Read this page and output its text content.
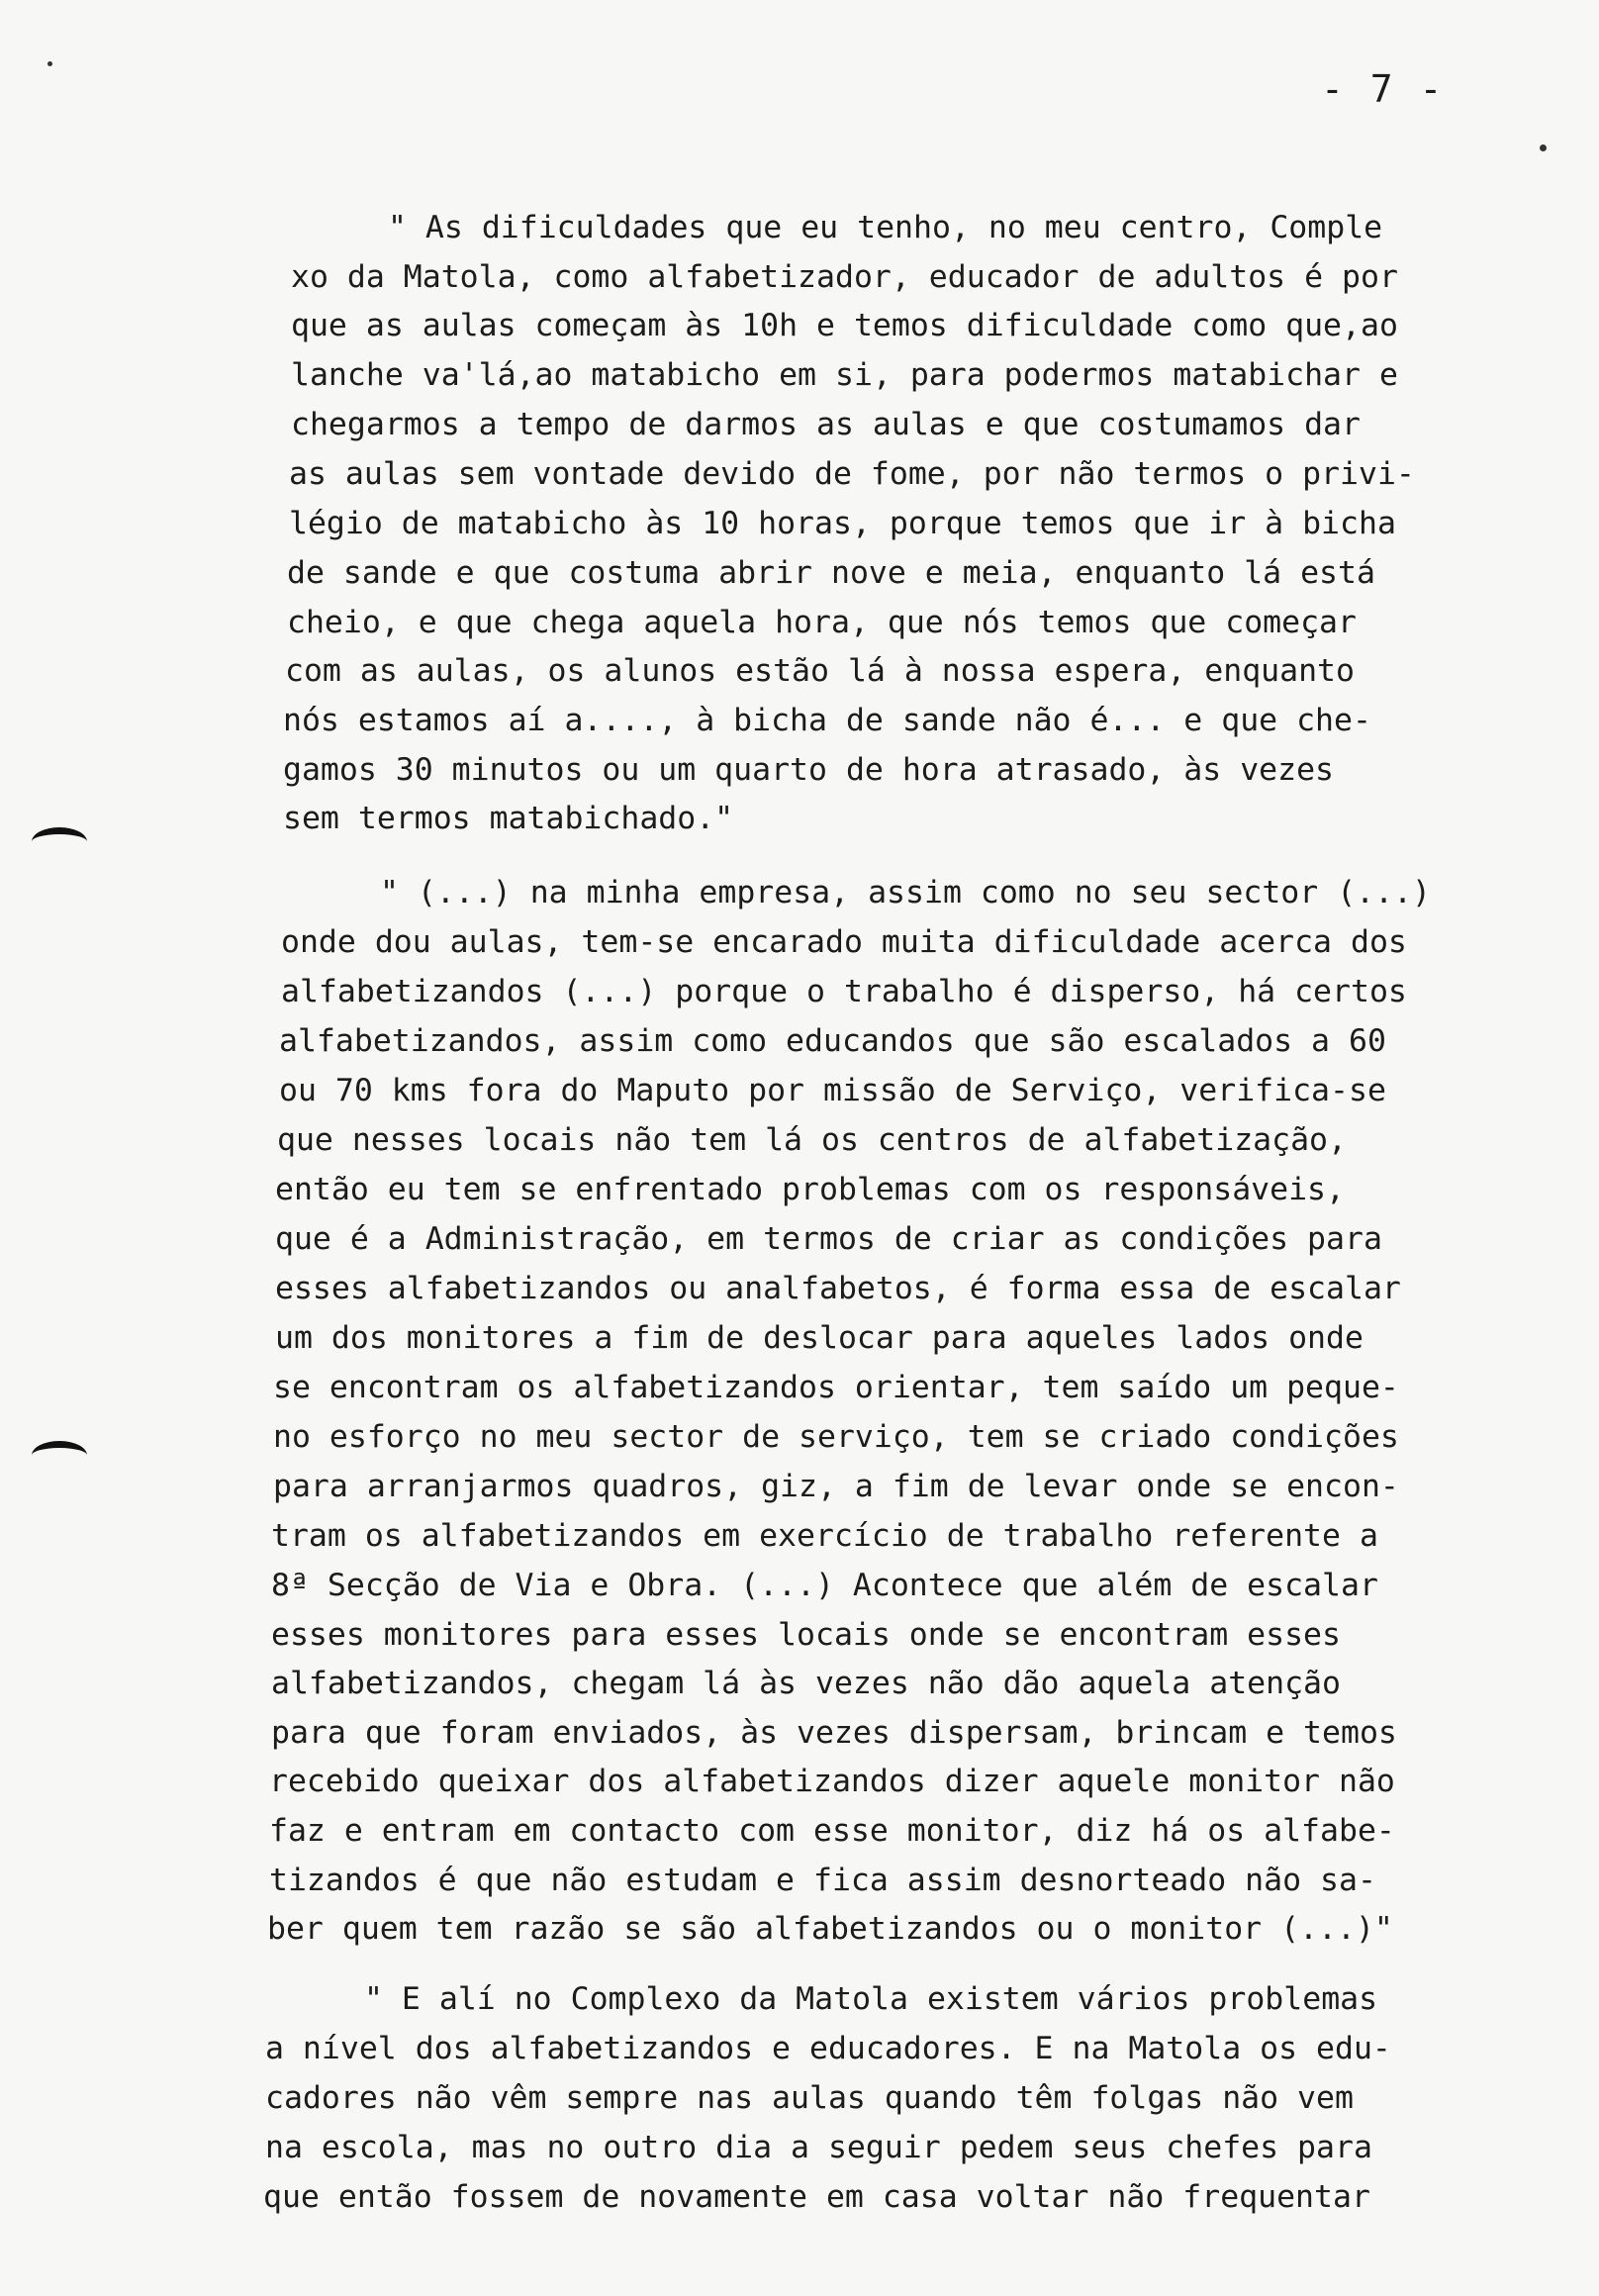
- 7 -
" As dificuldades que eu tenho, no meu centro, Comple
xo da Matola, como alfabetizador, educador de adultos é por
que as aulas começam às 10h e temos dificuldade como que,ao
lanche va'lá,ao matabicho em si, para podermos matabichar e
chegarmos a tempo de darmos as aulas e que costumamos dar
as aulas sem vontade devido de fome, por não termos o privi-
légio de matabicho às 10 horas, porque temos que ir à bicha
de sande e que costuma abrir nove e meia, enquanto lá está
cheio, e que chega aquela hora, que nós temos que começar
com as aulas, os alunos estão lá à nossa espera, enquanto
nós estamos aí a...., à bicha de sande não é... e que che-
gamos 30 minutos ou um quarto de hora atrasado, às vezes
sem termos matabichado."
" (...) na minha empresa, assim como no seu sector (...)
onde dou aulas, tem-se encarado muita dificuldade acerca dos
alfabetizandos (...) porque o trabalho é disperso, há certos
alfabetizandos, assim como educandos que são escalados a 60
ou 70 kms fora do Maputo por missão de Serviço, verifica-se
que nesses locais não tem lá os centros de alfabetização,
então eu tem se enfrentado problemas com os responsáveis,
que é a Administração, em termos de criar as condições para
esses alfabetizandos ou analfabetos, é forma essa de escalar
um dos monitores a fim de deslocar para aqueles lados onde
se encontram os alfabetizandos orientar, tem saído um peque-
no esforço no meu sector de serviço, tem se criado condições
para arranjarmos quadros, giz, a fim de levar onde se encon-
tram os alfabetizandos em exercício de trabalho referente a
8ª Secção de Via e Obra. (...) Acontece que além de escalar
esses monitores para esses locais onde se encontram esses
alfabetizandos, chegam lá às vezes não dão aquela atenção
para que foram enviados, às vezes dispersam, brincam e temos
recebido queixar dos alfabetizandos dizer aquele monitor não
faz e entram em contacto com esse monitor, diz há os alfabe-
tizandos é que não estudam e fica assim desnorteado não sa-
ber quem tem razão se são alfabetizandos ou o monitor (...)"
" E alí no Complexo da Matola existem vários problemas
a nível dos alfabetizandos e educadores. E na Matola os edu-
cadores não vêm sempre nas aulas quando têm folgas não vem
na escola, mas no outro dia a seguir pedem seus chefes para
que então fossem de novamente em casa voltar não frequentar
